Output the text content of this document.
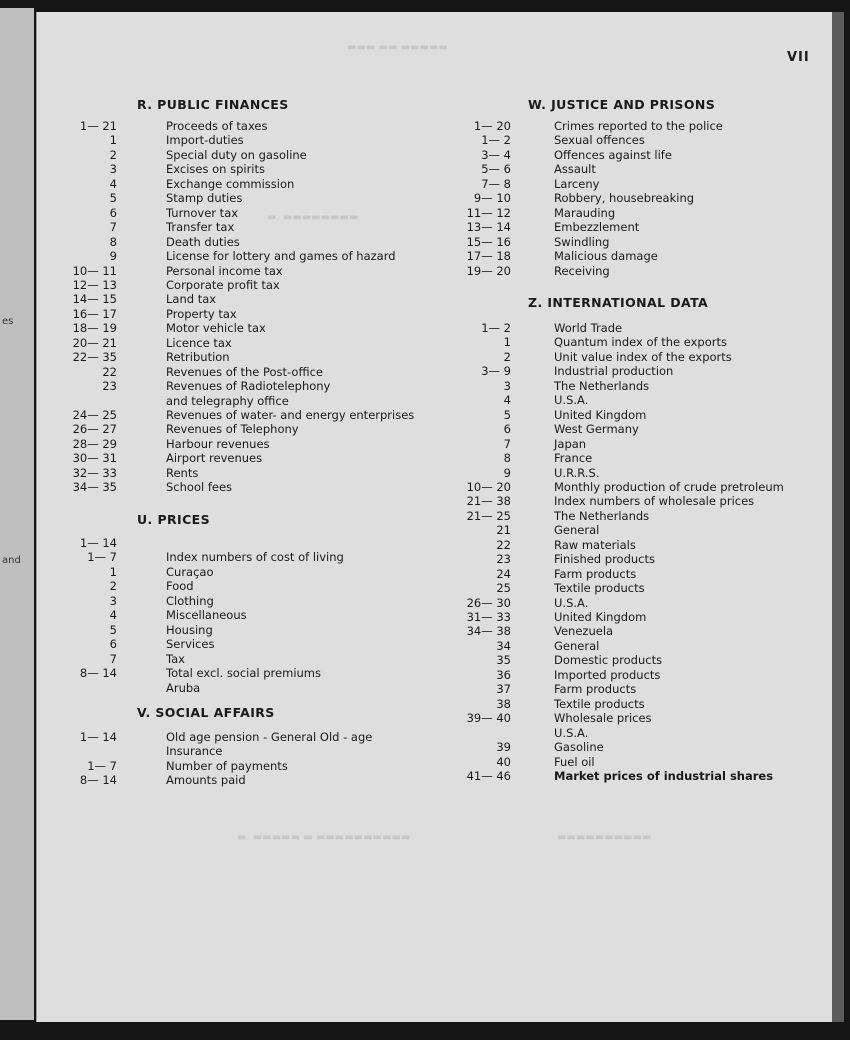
es
and
▬▬▬ ▬▬ ▬▬▬▬▬
▬. ▬▬▬▬▬▬▬▬
▬. ▬▬▬▬▬ ▬ ▬▬▬▬▬▬▬▬▬▬	▬▬▬▬▬▬▬▬▬▬
VII
R. PUBLIC FINANCES
1— 21	Proceeds of taxes
1	Import-duties
2	Special duty on gasoline
3	Excises on spirits
4	Exchange commission
5	Stamp duties
6	Turnover tax
7	Transfer tax
8	Death duties
9	License for lottery and games of hazard
10— 11	Personal income tax
12— 13	Corporate profit tax
14— 15	Land tax
16— 17	Property tax
18— 19	Motor vehicle tax
20— 21	Licence tax
22— 35	Retribution
22	Revenues of the Post-office
23	Revenues of Radiotelephony
and telegraphy office
24— 25	Revenues of water- and energy enterprises
26— 27	Revenues of Telephony
28— 29	Harbour revenues
30— 31	Airport revenues
32— 33	Rents
34— 35	School fees
U. PRICES
1— 14
1— 7	Index numbers of cost of living
1	Curaçao
2	Food
3	Clothing
4	Miscellaneous
5	Housing
6	Services
7	Tax
8— 14	Total excl. social premiums
Aruba
V. SOCIAL AFFAIRS
1— 14	Old age pension - General Old - age
Insurance
1— 7	Number of payments
8— 14	Amounts paid
W. JUSTICE AND PRISONS
1— 20	Crimes reported to the police
1— 2	Sexual offences
3— 4	Offences against life
5— 6	Assault
7— 8	Larceny
9— 10	Robbery, housebreaking
11— 12	Marauding
13— 14	Embezzlement
15— 16	Swindling
17— 18	Malicious damage
19— 20	Receiving
Z. INTERNATIONAL DATA
1— 2	World Trade
1	Quantum index of the exports
2	Unit value index of the exports
3— 9	Industrial production
3	The Netherlands
4	U.S.A.
5	United Kingdom
6	West Germany
7	Japan
8	France
9	U.R.R.S.
10— 20	Monthly production of crude pretroleum
21— 38	Index numbers of wholesale prices
21— 25	The Netherlands
21	General
22	Raw materials
23	Finished products
24	Farm products
25	Textile products
26— 30	U.S.A.
31— 33	United Kingdom
34— 38	Venezuela
34	General
35	Domestic products
36	Imported products
37	Farm products
38	Textile products
39— 40	Wholesale prices
U.S.A.
39	Gasoline
40	Fuel oil
41— 46	Market prices of industrial shares
